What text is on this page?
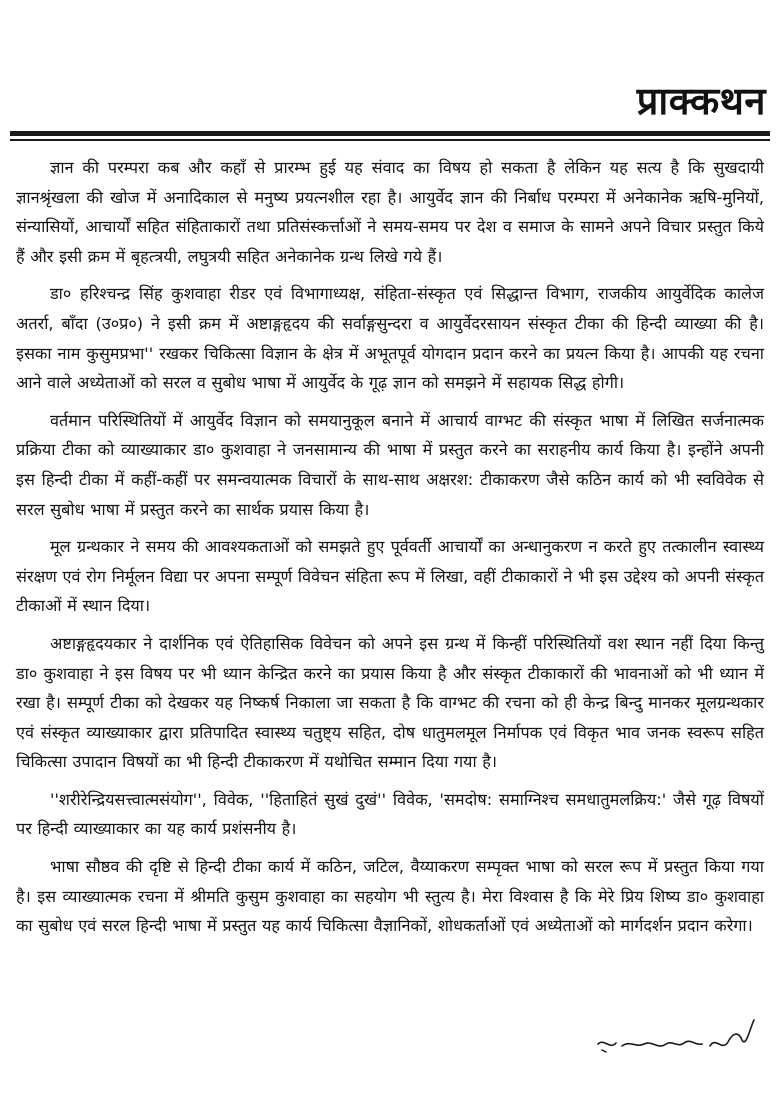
प्राक्कथन

ज्ञान की परम्परा कब और कहाँ से प्रारम्भ हुई यह संवाद का विषय हो सकता है लेकिन यह सत्य है कि सुखदायी ज्ञानश्रृंखला की खोज में अनादिकाल से मनुष्य प्रयत्नशील रहा है। आयुर्वेद ज्ञान की निर्बाध परम्परा में अनेकानेक ऋषि-मुनियों, संन्यासियों, आचार्यों सहित संहिताकारों तथा प्रतिसंस्कर्त्ताओं ने समय-समय पर देश व समाज के सामने अपने विचार प्रस्तुत किये हैं और इसी क्रम में बृहत्त्रयी, लघुत्रयी सहित अनेकानेक ग्रन्थ लिखे गये हैं।

डा० हरिश्चन्द्र सिंह कुशवाहा रीडर एवं विभागाध्यक्ष, संहिता-संस्कृत एवं सिद्धान्त विभाग, राजकीय आयुर्वेदिक कालेज अतर्रा, बाँदा (उ०प्र०) ने इसी क्रम में अष्टाङ्गहृदय की सर्वाङ्गसुन्दरा व आयुर्वेदरसायन संस्कृत टीका की हिन्दी व्याख्या की है। इसका नाम कुसुमप्रभा'' रखकर चिकित्सा विज्ञान के क्षेत्र में अभूतपूर्व योगदान प्रदान करने का प्रयत्न किया है। आपकी यह रचना आने वाले अध्येताओं को सरल व सुबोध भाषा में आयुर्वेद के गूढ़ ज्ञान को समझने में सहायक सिद्ध होगी।

वर्तमान परिस्थितियों में आयुर्वेद विज्ञान को समयानुकूल बनाने में आचार्य वाग्भट की संस्कृत भाषा में लिखित सर्जनात्मक प्रक्रिया टीका को व्याख्याकार डा० कुशवाहा ने जनसामान्य की भाषा में प्रस्तुत करने का सराहनीय कार्य किया है। इन्होंने अपनी इस हिन्दी टीका में कहीं-कहीं पर समन्वयात्मक विचारों के साथ-साथ अक्षरश: टीकाकरण जैसे कठिन कार्य को भी स्वविवेक से सरल सुबोध भाषा में प्रस्तुत करने का सार्थक प्रयास किया है।

मूल ग्रन्थकार ने समय की आवश्यकताओं को समझते हुए पूर्ववर्ती आचार्यों का अन्धानुकरण न करते हुए तत्कालीन स्वास्थ्य संरक्षण एवं रोग निर्मूलन विद्या पर अपना सम्पूर्ण विवेचन संहिता रूप में लिखा, वहीं टीकाकारों ने भी इस उद्देश्य को अपनी संस्कृत टीकाओं में स्थान दिया।

अष्टाङ्गहृदयकार ने दार्शनिक एवं ऐतिहासिक विवेचन को अपने इस ग्रन्थ में किन्हीं परिस्थितियों वश स्थान नहीं दिया किन्तु डा० कुशवाहा ने इस विषय पर भी ध्यान केन्द्रित करने का प्रयास किया है और संस्कृत टीकाकारों की भावनाओं को भी ध्यान में रखा है। सम्पूर्ण टीका को देखकर यह निष्कर्ष निकाला जा सकता है कि वाग्भट की रचना को ही केन्द्र बिन्दु मानकर मूलग्रन्थकार एवं संस्कृत व्याख्याकार द्वारा प्रतिपादित स्वास्थ्य चतुष्ट्य सहित, दोष धातुमलमूल निर्मापक एवं विकृत भाव जनक स्वरूप सहित चिकित्सा उपादान विषयों का भी हिन्दी टीकाकरण में यथोचित सम्मान दिया गया है।

''शरीरेन्द्रियसत्त्वात्मसंयोग'', विवेक, ''हिताहितं सुखं दुखं'' विवेक, 'समदोष: समाग्निश्च समधातुमलक्रिय:' जैसे गूढ़ विषयों पर हिन्दी व्याख्याकार का यह कार्य प्रशंसनीय है।

भाषा सौष्ठव की दृष्टि से हिन्दी टीका कार्य में कठिन, जटिल, वैय्याकरण सम्पृक्त भाषा को सरल रूप में प्रस्तुत किया गया है। इस व्याख्यात्मक रचना में श्रीमति कुसुम कुशवाहा का सहयोग भी स्तुत्य है। मेरा विश्वास है कि मेरे प्रिय शिष्य डा० कुशवाहा का सुबोध एवं सरल हिन्दी भाषा में प्रस्तुत यह कार्य चिकित्सा वैज्ञानिकों, शोधकर्ताओं एवं अध्येताओं को मार्गदर्शन प्रदान करेगा।
